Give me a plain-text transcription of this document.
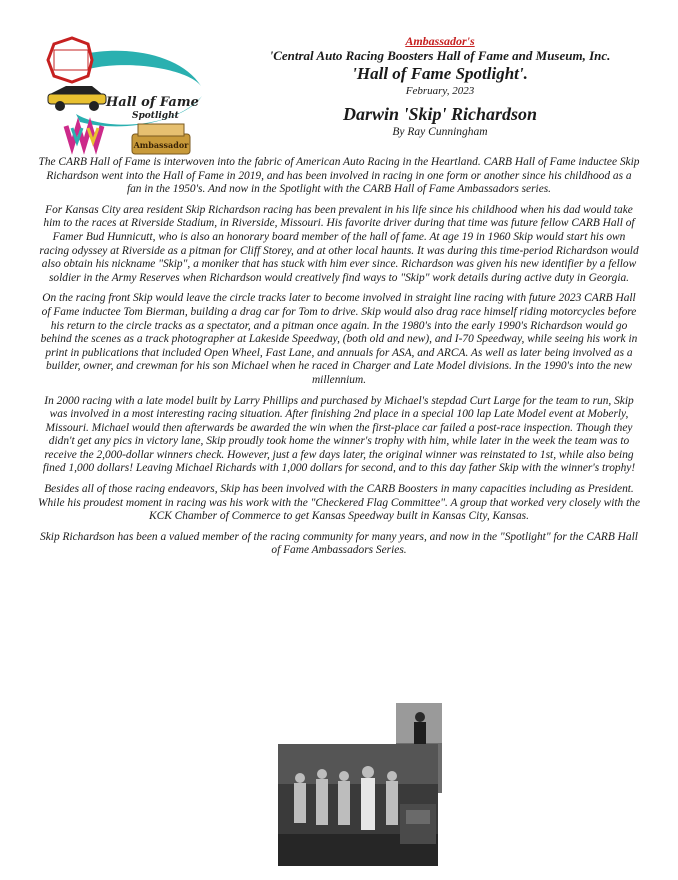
Hall of Fame
Spotlight
Ambassador
Ambassador's
'Central Auto Racing Boosters Hall of Fame and Museum, Inc.
'Hall of Fame Spotlight'.
February, 2023
Darwin 'Skip' Richardson
By Ray Cunningham

The CARB Hall of Fame is interwoven into the fabric of American Auto Racing in the Heartland. CARB Hall of Fame inductee Skip Richardson went into the Hall of Fame in 2019, and has been involved in racing in one form or another since his childhood as a fan in the 1950's. And now in the Spotlight with the CARB Hall of Fame Ambassadors series.

For Kansas City area resident Skip Richardson racing has been prevalent in his life since his childhood when his dad would take him to the races at Riverside Stadium, in Riverside, Missouri. His favorite driver during that time was future fellow CARB Hall of Famer Bud Hunnicutt, who is also an honorary board member of the hall of fame. At age 19 in 1960 Skip would start his own racing odyssey at Riverside as a pitman for Cliff Storey, and at other local haunts. It was during this time-period Richardson would also obtain his nickname "Skip", a moniker that has stuck with him ever since. Richardson was given his new identifier by a fellow soldier in the Army Reserves when Richardson would creatively find ways to "Skip" work details during active duty in Georgia.

On the racing front Skip would leave the circle tracks later to become involved in straight line racing with future 2023 CARB Hall of Fame inductee Tom Bierman, building a drag car for Tom to drive. Skip would also drag race himself riding motorcycles before his return to the circle tracks as a spectator, and a pitman once again. In the 1980's into the early 1990's Richardson would go behind the scenes as a track photographer at Lakeside Speedway, (both old and new), and I-70 Speedway, while seeing his work in print in publications that included Open Wheel, Fast Lane, and annuals for ASA, and ARCA. As well as later being involved as a builder, owner, and crewman for his son Michael when he raced in Charger and Late Model divisions. In the 1990's into the new millennium.

In 2000 racing with a late model built by Larry Phillips and purchased by Michael's stepdad Curt Large for the team to run, Skip was involved in a most interesting racing situation. After finishing 2nd place in a special 100 lap Late Model event at Moberly, Missouri. Michael would then afterwards be awarded the win when the first-place car failed a post-race inspection. Though they didn't get any pics in victory lane, Skip proudly took home the winner's trophy with him, while later in the week the team was to receive the 2,000-dollar winners check. However, just a few days later, the original winner was reinstated to 1st, while also being fined 1,000 dollars! Leaving Michael Richards with 1,000 dollars for second, and to this day father Skip with the winner's trophy!

Besides all of those racing endeavors, Skip has been involved with the CARB Boosters in many capacities including as President. While his proudest moment in racing was his work with the "Checkered Flag Committee". A group that worked very closely with the KCK Chamber of Commerce to get Kansas Speedway built in Kansas City, Kansas.

Skip Richardson has been a valued member of the racing community for many years, and now in the "Spotlight" for the CARB Hall of Fame Ambassadors Series.
